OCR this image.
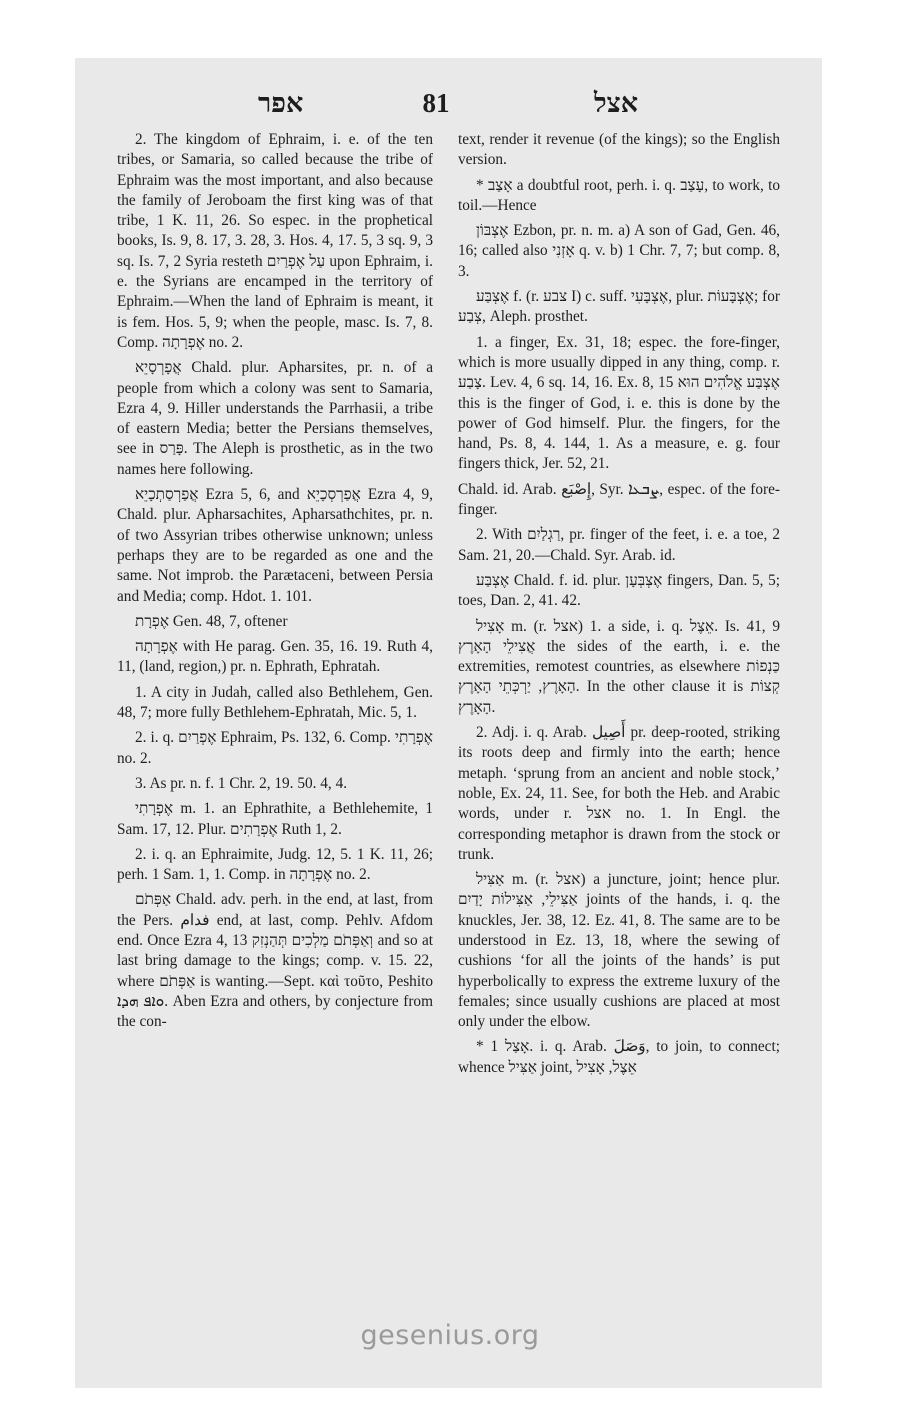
אפר	81	אצל

2. The kingdom of Ephraim, i. e. of the ten tribes, or Samaria, so called because the tribe of Ephraim was the most important, and also because the family of Jeroboam the first king was of that tribe, 1 K. 11, 26. So espec. in the prophetical books, Is. 9, 8. 17, 3. 28, 3. Hos. 4, 17. 5, 3 sq. 9, 3 sq. Is. 7, 2 Syria resteth עַל אֶפְרַיִם upon Ephraim, i. e. the Syrians are encamped in the territory of Ephraim.—When the land of Ephraim is meant, it is fem. Hos. 5, 9; when the people, masc. Is. 7, 8. Comp. אֶפְרָתָה no. 2.

אֲפָרְסָיֵא Chald. plur. Apharsites, pr. n. of a people from which a colony was sent to Samaria, Ezra 4, 9. Hiller understands the Parrhasii, a tribe of eastern Media; better the Persians themselves, see in פָּרַס. The Aleph is prosthetic, as in the two names here following.

אֲפַרְסַתְכָיֵא Ezra 5, 6, and אֲפַרְסְכָיֵא Ezra 4, 9, Chald. plur. Apharsachites, Apharsathchites, pr. n. of two Assyrian tribes otherwise unknown; unless perhaps they are to be regarded as one and the same. Not improb. the Parætaceni, between Persia and Media; comp. Hdot. 1. 101.

אֶפְרָת Gen. 48, 7, oftener

אֶפְרָתָה with He parag. Gen. 35, 16. 19. Ruth 4, 11, (land, region,) pr. n. Ephrath, Ephratah.

1. A city in Judah, called also Bethlehem, Gen. 48, 7; more fully Bethlehem-Ephratah, Mic. 5, 1.

2. i. q. אֶפְרַיִם Ephraim, Ps. 132, 6. Comp. אֶפְרָתִי no. 2.

3. As pr. n. f. 1 Chr. 2, 19. 50. 4, 4.

אֶפְרָתִי m. 1. an Ephrathite, a Bethlehemite, 1 Sam. 17, 12. Plur. אֶפְרָתִים Ruth 1, 2.

2. i. q. an Ephraimite, Judg. 12, 5. 1 K. 11, 26; perh. 1 Sam. 1, 1. Comp. in אֶפְרָתָה no. 2.

אַפְּתֹם Chald. adv. perh. in the end, at last, from the Pers. فدام end, at last, comp. Pehlv. Afdom end. Once Ezra 4, 13 וְאַפְּתֹם מַלְכִים תְּהַנְזִק and so at last bring damage to the kings; comp. v. 15. 22, where אַפְּתֹם is wanting.—Sept. καὶ τοῦτο, Peshito ܘܐܦ ܗܕܐ. Aben Ezra and others, by conjecture from the con-

text, render it revenue (of the kings); so the English version.

* אָצַב a doubtful root, perh. i. q. עָצַב, to work, to toil.—Hence

אֶצְבּוֹן Ezbon, pr. n. m. a) A son of Gad, Gen. 46, 16; called also אָזְנִי q. v. b) 1 Chr. 7, 7; but comp. 8, 3.

אֶצְבַּע f. (r. צבע I) c. suff. אֶצְבָּעִי, plur. אֶצְבָּעוֹת; for צְבַע, Aleph. prosthet.

1. a finger, Ex. 31, 18; espec. the fore-finger, which is more usually dipped in any thing, comp. r. צָבַע. Lev. 4, 6 sq. 14, 16. Ex. 8, 15 אֶצְבַּע אֱלֹהִים הוּא this is the finger of God, i. e. this is done by the power of God himself. Plur. the fingers, for the hand, Ps. 8, 4. 144, 1. As a measure, e. g. four fingers thick, Jer. 52, 21.

Chald. id. Arab. إِصْبَع, Syr. ܨܒܥܐ, espec. of the fore-finger.

2. With רַגְלַיִם, pr. finger of the feet, i. e. a toe, 2 Sam. 21, 20.—Chald. Syr. Arab. id.

אֶצְבַּע Chald. f. id. plur. אֶצְבְּעָן fingers, Dan. 5, 5; toes, Dan. 2, 41. 42.

אָצִיל m. (r. אצל) 1. a side, i. q. אֵצֶל. Is. 41, 9 אֲצִילֵי הָאָרֶץ the sides of the earth, i. e. the extremities, remotest countries, as elsewhere כַּנְפוֹת הָאָרֶץ, יַרְכְּתֵי הָאָרֶץ. In the other clause it is קְצוֹת הָאָרֶץ.

2. Adj. i. q. Arab. أَصِيل pr. deep-rooted, striking its roots deep and firmly into the earth; hence metaph. ‘sprung from an ancient and noble stock,’ noble, Ex. 24, 11. See, for both the Heb. and Arabic words, under r. אצל no. 1. In Engl. the corresponding metaphor is drawn from the stock or trunk.

אַצִּיל m. (r. אצל) a juncture, joint; hence plur. אַצִּילֵי, אַצִּילוֹת יָדַיִם joints of the hands, i. q. the knuckles, Jer. 38, 12. Ez. 41, 8. The same are to be understood in Ez. 13, 18, where the sewing of cushions ‘for all the joints of the hands’ is put hyperbolically to express the extreme luxury of the females; since usually cushions are placed at most only under the elbow.

* אָצַל 1. i. q. Arab. وَصَلَ, to join, to connect; whence אַצִּיל joint, אֵצֶל, אָצִיל

gesenius.org
